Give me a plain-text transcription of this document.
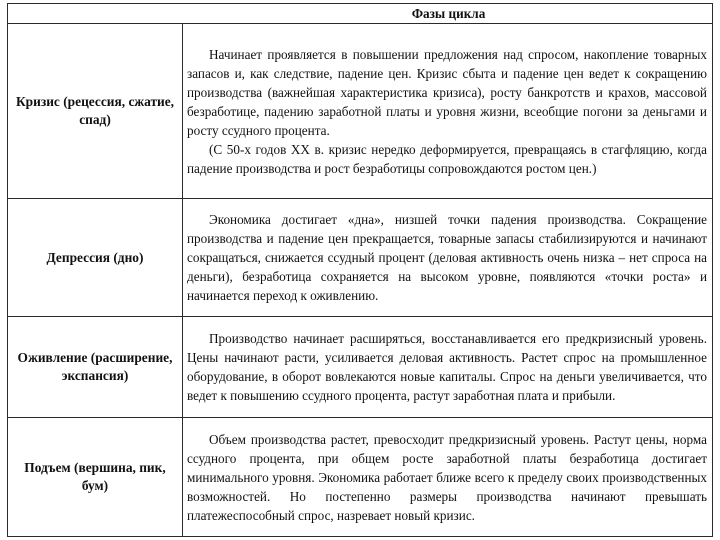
Фазы цикла	
Кризис (рецессия, сжатие, спад)	Начинает проявляется в повышении предложения над спросом, накопление товарных запасов и, как следствие, падение цен. Кризис сбыта и падение цен ведет к сокращению производства (важнейшая характеристика кризиса), росту банкротств и крахов, массовой безработице, падению заработной платы и уровня жизни, всеобщие погони за деньгами и росту ссудного процента.

(С 50-х годов XX в. кризис нередко деформируется, превращаясь в стагфляцию, когда падение производства и рост безработицы сопровождаются ростом цен.)

Депрессия (дно)	Экономика достигает «дна», низшей точки падения производства. Сокращение производства и падение цен прекращается, товарные запасы стабилизируются и начинают сокращаться, снижается ссудный процент (деловая активность очень низка – нет спроса на деньги), безработица сохраняется на высоком уровне, появляются «точки роста» и начинается переход к оживлению.

Оживление (расширение, экспансия)	Производство начинает расширяться, восстанавливается его предкризисный уровень. Цены начинают расти, усиливается деловая активность. Растет спрос на промышленное оборудование, в оборот вовлекаются новые капиталы. Спрос на деньги увеличивается, что ведет к повышению ссудного процента, растут заработная плата и прибыли.

Подъем (вершина, пик, бум)	Объем производства растет, превосходит предкризисный уровень. Растут цены, норма ссудного процента, при общем росте заработной платы безработица достигает минимального уровня. Экономика работает ближе всего к пределу своих производственных возможностей. Но постепенно размеры производства начинают превышать платежеспособный спрос, назревает новый кризис.
